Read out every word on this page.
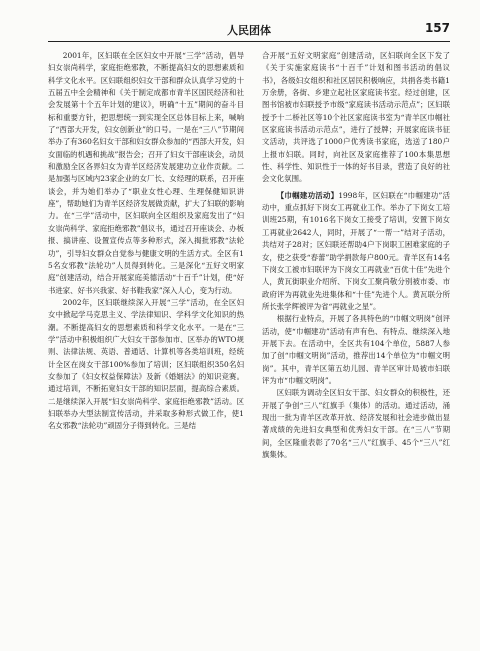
人民团体	157

2001年，区妇联在全区妇女中开展“三学”活动，倡导妇女崇尚科学，家庭拒绝邪教，不断提高妇女的思想素质和科学文化水平。区妇联组织妇女干部和群众认真学习党的十五届五中全会精神和《关于制定成都市青羊区国民经济和社会发展第十个五年计划的建议》，明确“十五”期间的奋斗目标和重要方针，把思想统一到实现全区总体目标上来，喊响了“西部大开发，妇女创新业”的口号。一是在“三八”节期间举办了有360名妇女干部和妇女群众参加的“西部大开发，妇女面临的机遇和挑战”报告会；召开了妇女干部座谈会，动员和激励全区各界妇女为青羊区经济发展建功立业作贡献。二是加强与区域内23家企业的女厂长、女经理的联系，召开座谈会，并为她们举办了“职业女性心理、生理保健知识讲座”，帮助她们为青羊区经济发展做贡献，扩大了妇联的影响力。在“三学”活动中，区妇联向全区组织及家庭发出了“妇女崇尚科学、家庭拒绝邪教”倡议书，通过召开座谈会、办板报、搞讲座、设置宣传点等多种形式，深入揭批邪教“法轮功”，引导妇女群众自觉参与健康文明的生活方式。全区有15名女邪教“法轮功”人员得到转化。三是深化“五好文明家庭”创建活动，结合开展家庭美德活动“十百千”计划，使“好书进家、好书兴我家、好书鞋我家”深入人心，变为行动。

2002年，区妇联继续深入开展“三学”活动，在全区妇女中掀起学马克思主义、学法律知识、学科学文化知识的热潮。不断提高妇女的思想素质和科学文化水平。一是在“三学”活动中积极组织广大妇女干部参加市、区举办的WTO规则、法律法规、英语、普通话、计算机等各类培训班，经统计全区在岗女干部100%参加了培训；区妇联组织350名妇女参加了《妇女权益保障法》及新《婚姻法》的知识竞赛。通过培训，不断拓宽妇女干部的知识层面，提高综合素质。二是继续深入开展“妇女崇尚科学、家庭拒绝邪教”活动。区妇联举办大型法制宣传活动，并采取多种形式做工作，使1名女邪教“法轮功”顽固分子得到转化。三是结

合开展“五好文明家庭”创建活动，区妇联向全区下发了《关于实施家庭读书“十百千”计划和图书活动的倡议书》，各级妇女组织和社区居民积极响应，共捐各类书籍1万余册，各街、乡建立起社区家庭读书室。经过创建，区图书馆被市妇联授予市级“家庭读书活动示范点”；区妇联授予十二桥社区等10个社区家庭读书室为“青羊区巾帼社区家庭读书活动示范点”，进行了授牌；开展家庭读书征文活动，共评选了1000户优秀读书家庭，选送了180户上报市妇联。同时，向社区及家庭推荐了100本集思想性、科学性、知识性于一体的好书目录，营造了良好的社会文化氛围。

【巾帼建功活动】1998年，区妇联在“巾帼建功”活动中，重点抓好下岗女工再就业工作。举办了下岗女工培训班25期，有1016名下岗女工接受了培训，安置下岗女工再就业2642人，同时，开展了“一帮一”结对子活动，共结对子28对；区妇联还帮助4户下岗职工困难家庭的子女，使之获受“春蕾”助学捐款每户800元。青羊区有14名下岗女工被市妇联评为下岗女工再就业“百优十佳”先进个人，黄瓦街职业介绍所、下岗女工聚尚敬分别被市委、市政府评为再就业先进集体和“十佳”先进个人。黄瓦联分所所长张学辉被评为省“再就业之星”。

根据行业特点，开展了各具特色的“巾帼文明岗”创评活动，使“巾帼建功”活动有声有色、有特点、继续深入地开展下去。在活动中，全区共有104个单位，5887人参加了创“巾帼文明岗”活动，推荐出14个单位为“巾帼文明岗”。其中，青羊区第五幼儿园、青羊区审计局被市妇联评为市“巾帼文明岗”。

区妇联为调动全区妇女干部、妇女群众的积极性，还开展了争创“三八”红旗手（集体）的活动。通过活动，涌现出一批为青羊区改革开放、经济发展和社会进步做出显著成绩的先进妇女典型和优秀妇女干部。在“三八”节期间，全区隆重表彰了70名“三八”红旗手、45个“三八”红旗集体。
